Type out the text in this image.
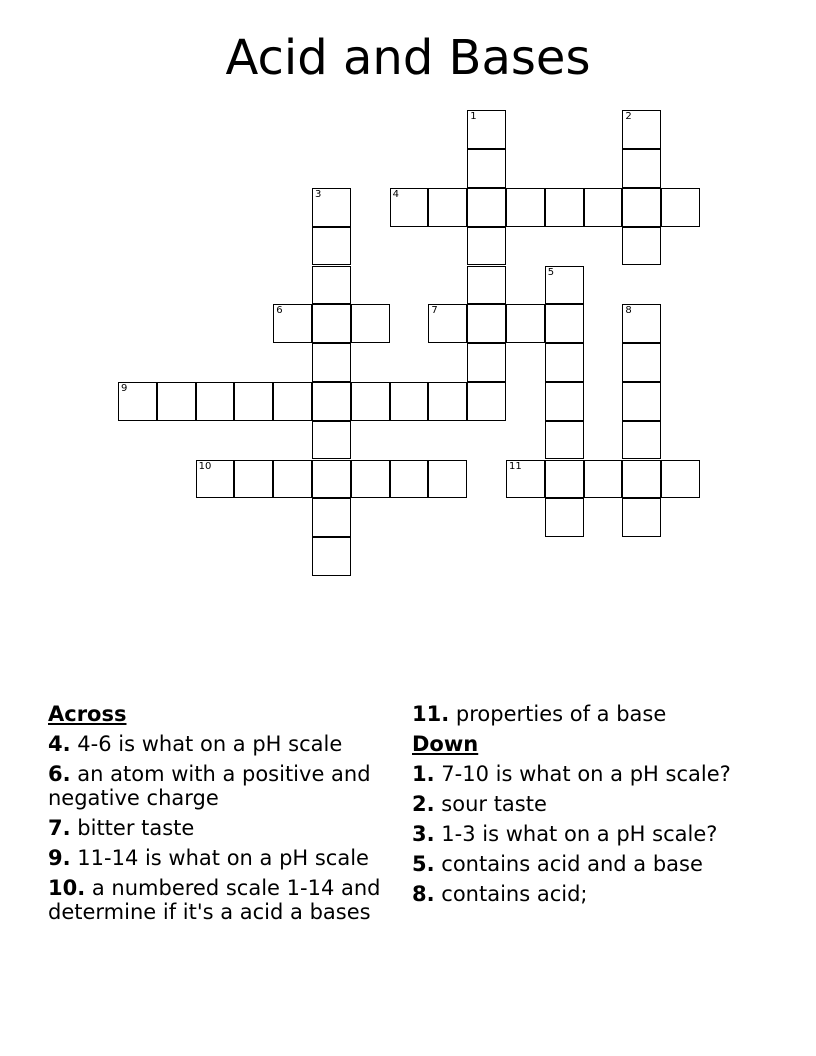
Acid and Bases
1	2
3	4
5
6	7	8
9
10	11
Across
4. 4-6 is what on a pH scale
6. an atom with a positive and negative charge
7. bitter taste
9. 11-14 is what on a pH scale
10. a numbered scale 1-14 and determine if it's a acid a bases
11. properties of a base
Down
1. 7-10 is what on a pH scale?
2. sour taste
3. 1-3 is what on a pH scale?
5. contains acid and a base
8. contains acid;
